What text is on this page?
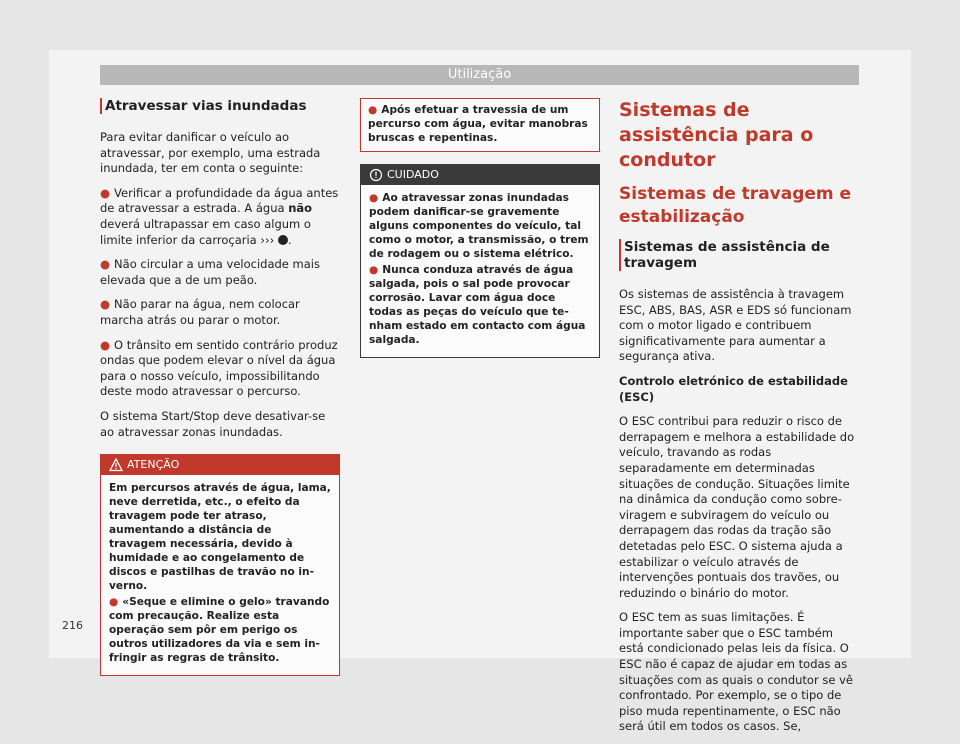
Utilização
Atravessar vias inundadas

Para evitar danificar o veículo ao atravessar, por exemplo, uma estrada inundada, ter em conta o seguinte:

● Verificar a profundidade da água antes de atravessar a estrada. A água não deverá ultrapassar em caso algum o limite inferior da carroçaria ››› .

● Não circular a uma velocidade mais elevada que a de um peão.

● Não parar na água, nem colocar marcha atrás ou parar o motor.

● O trânsito em sentido contrário produz ondas que podem elevar o nível da água para o nosso veículo, impossibilitando deste modo atravessar o percurso.

O sistema Start/Stop deve desativar-se ao atravessar zonas inundadas.

ATENÇÃO

Em percursos através de água, lama, neve derretida, etc., o efeito da travagem pode ter atraso, aumentando a distância de travagem necessária, devido à humidade e ao congelamento de discos e pastilhas de travão no inverno.

● «Seque e elimine o gelo» travando com precaução. Realize esta operação sem pôr em perigo os outros utilizadores da via e sem infringir as regras de trânsito.

● Após efetuar a travessia de um percurso com água, evitar manobras bruscas e repentinas.
CUIDADO

● Ao atravessar zonas inundadas podem danificar-se gravemente alguns componentes do veículo, tal como o motor, a transmissão, o trem de rodagem ou o sistema elétrico.

● Nunca conduza através de água salgada, pois o sal pode provocar corrosão. Lavar com água doce todas as peças do veículo que tenham estado em contacto com água salgada.

Sistemas de assistência para o condutor
Sistemas de travagem e estabilização
Sistemas de assistência de travagem

Os sistemas de assistência à travagem ESC, ABS, BAS, ASR e EDS só funcionam com o motor ligado e contribuem significativamente para aumentar a segurança ativa.

Controlo eletrónico de estabilidade (ESC)

O ESC contribui para reduzir o risco de derrapagem e melhora a estabilidade do veículo, travando as rodas separadamente em determinadas situações de condução. Situações limite na dinâmica da condução como sobreviragem e subviragem do veículo ou derrapagem das rodas da tração são detetadas pelo ESC. O sistema ajuda a estabilizar o veículo através de intervenções pontuais dos travões, ou reduzindo o binário do motor.

O ESC tem as suas limitações. É importante saber que o ESC também está condicionado pelas leis da física. O ESC não é capaz de ajudar em todas as situações com as quais o condutor se vê confrontado. Por exemplo, se o tipo de piso muda repentinamente, o ESC não será útil em todos os casos. Se,

216
